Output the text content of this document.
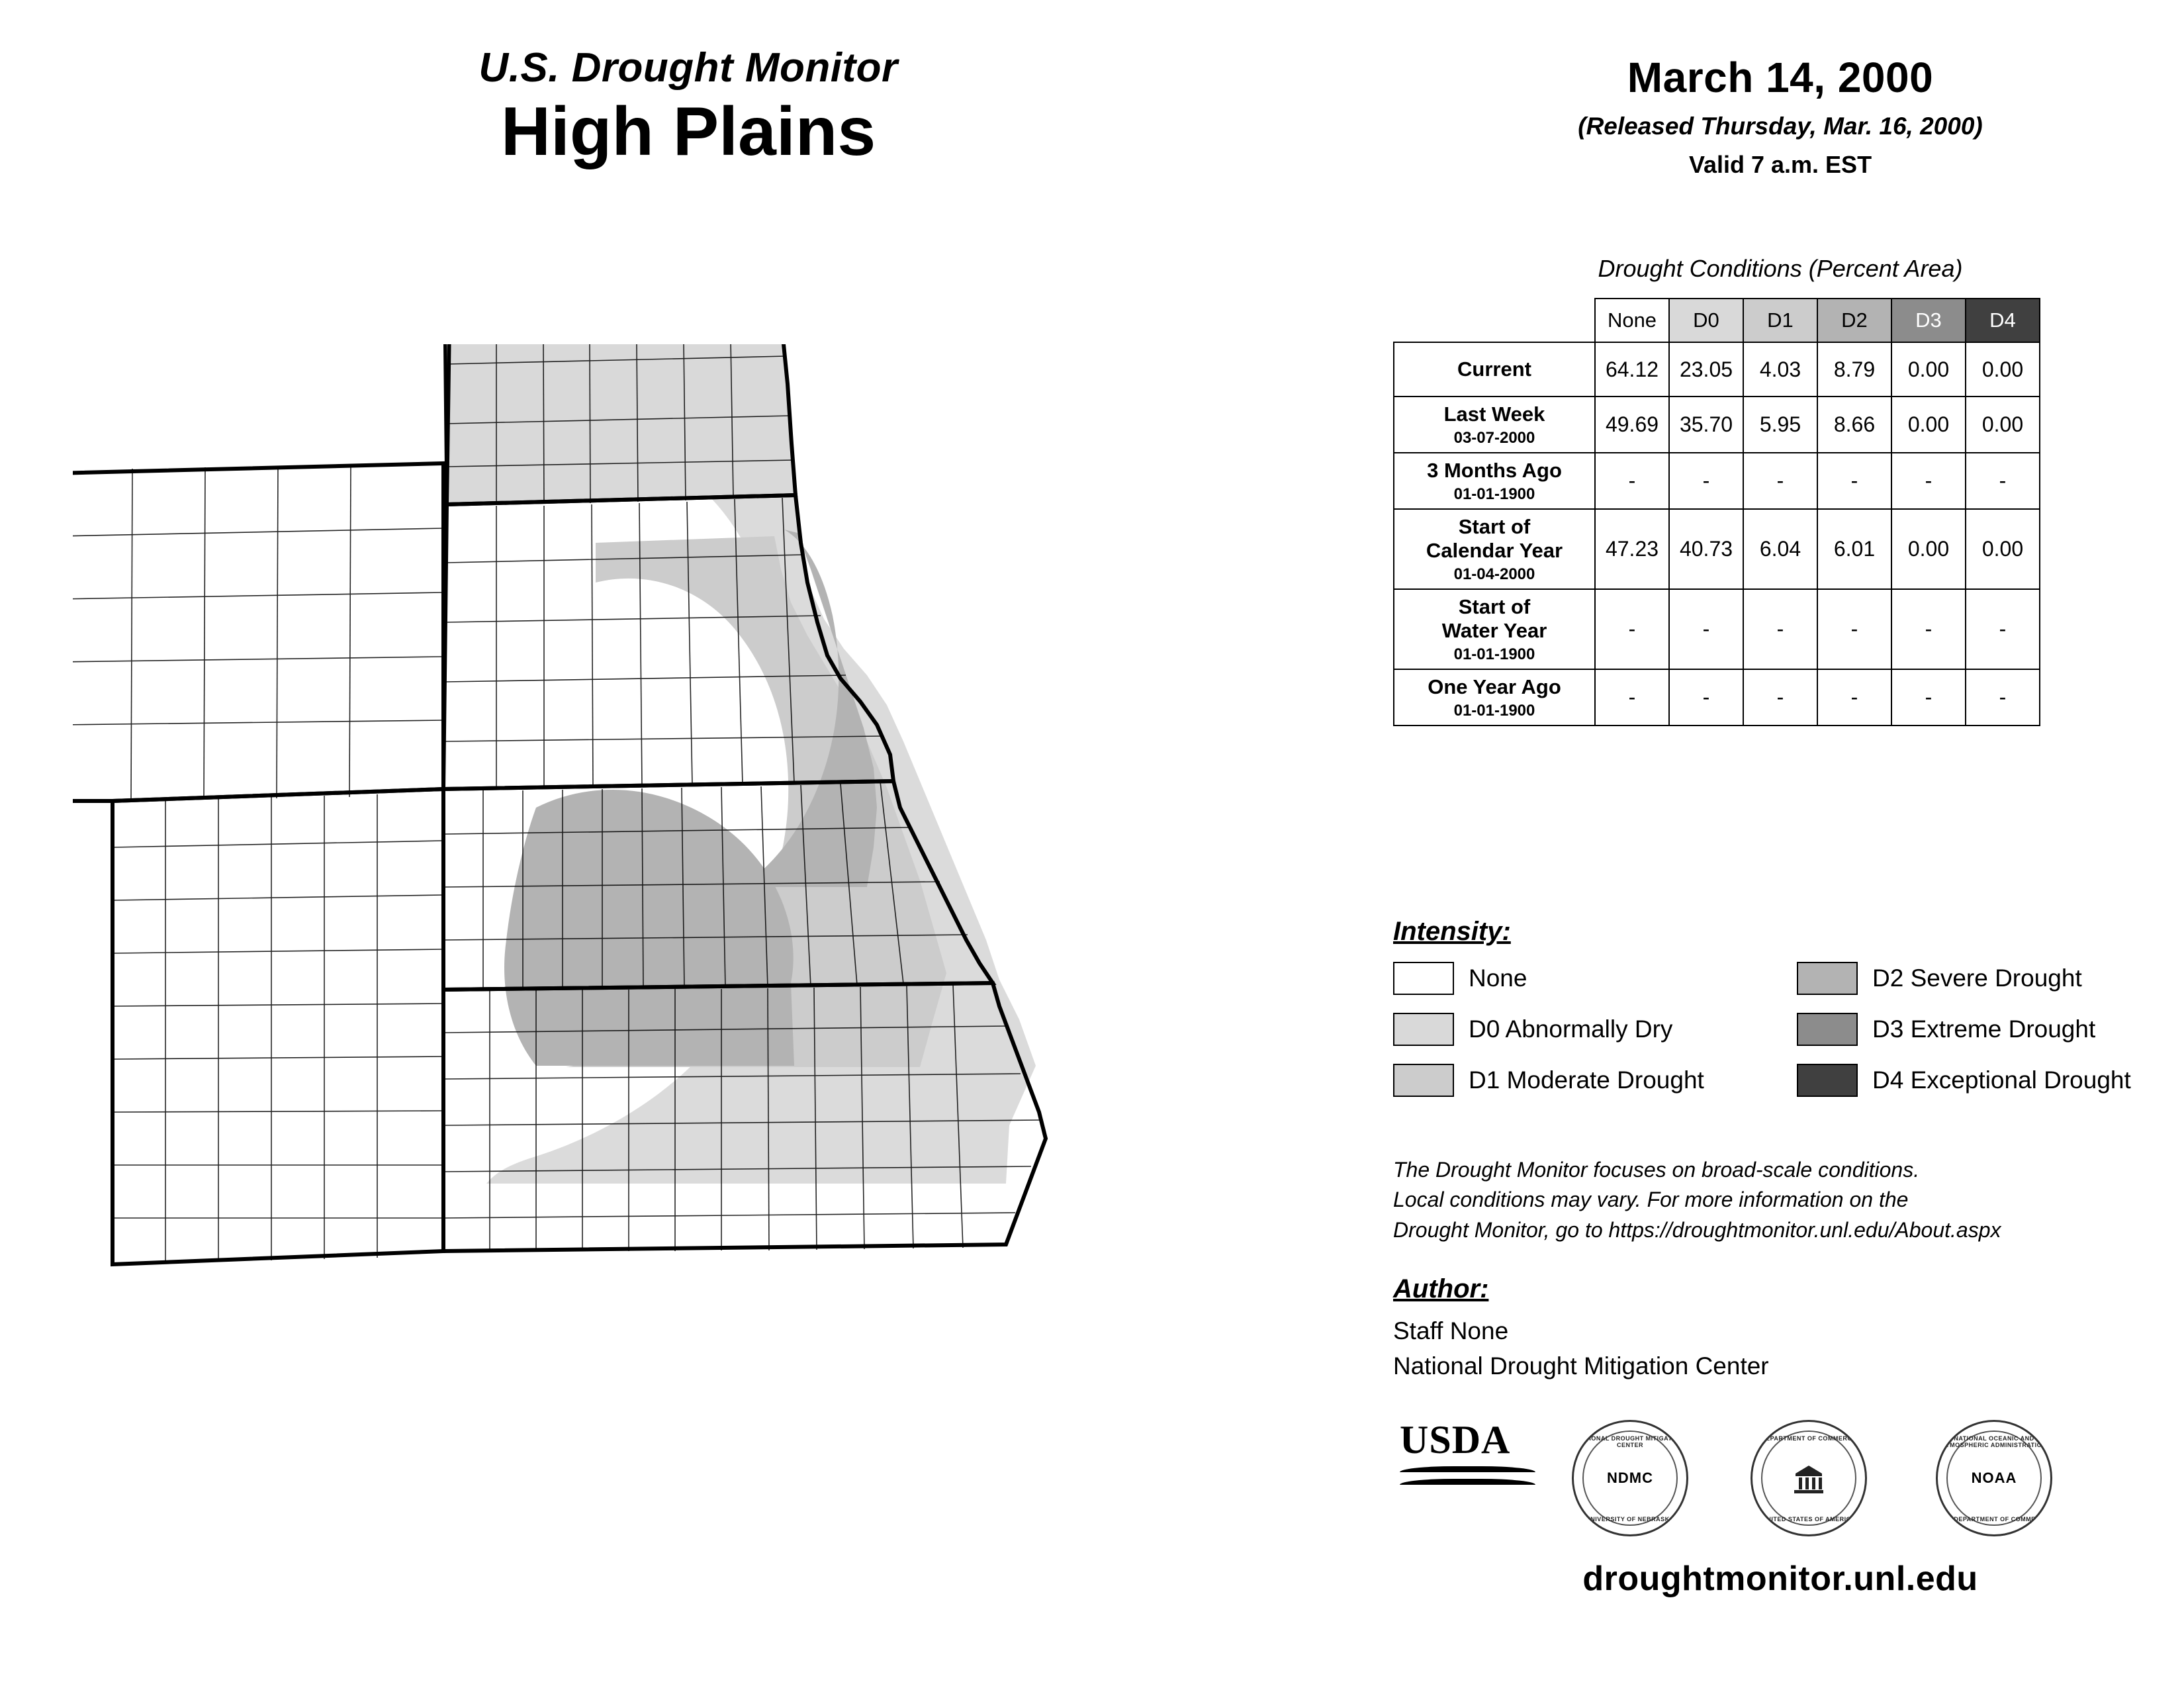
U.S. Drought Monitor
High Plains
March 14, 2000
(Released Thursday, Mar. 16, 2000)
Valid 7 a.m. EST
Drought Conditions (Percent Area)
	None	D0	D1	D2	D3	D4
Current	64.12	23.05	4.03	8.79	0.00	0.00
Last Week
03-07-2000	49.69	35.70	5.95	8.66	0.00	0.00
3 Months Ago
01-01-1900	-	-	-	-	-	-
Start of
Calendar Year
01-04-2000	47.23	40.73	6.04	6.01	0.00	0.00
Start of
Water Year
01-01-1900	-	-	-	-	-	-
One Year Ago
01-01-1900	-	-	-	-	-	-
Intensity:
None
D0 Abnormally Dry
D1 Moderate Drought
D2 Severe Drought
D3 Extreme Drought
D4 Exceptional Drought
The Drought Monitor focuses on broad-scale conditions.
Local conditions may vary. For more information on the
Drought Monitor, go to https://droughtmonitor.unl.edu/About.aspx
Author:
Staff None
National Drought Mitigation Center
USDA	NATIONAL DROUGHT MITIGATION CENTER
NDMC
UNIVERSITY OF NEBRASKA
DEPARTMENT OF COMMERCE
UNITED STATES OF AMERICA
NATIONAL OCEANIC AND ATMOSPHERIC ADMINISTRATION
NOAA
U.S. DEPARTMENT OF COMMERCE
droughtmonitor.unl.edu
